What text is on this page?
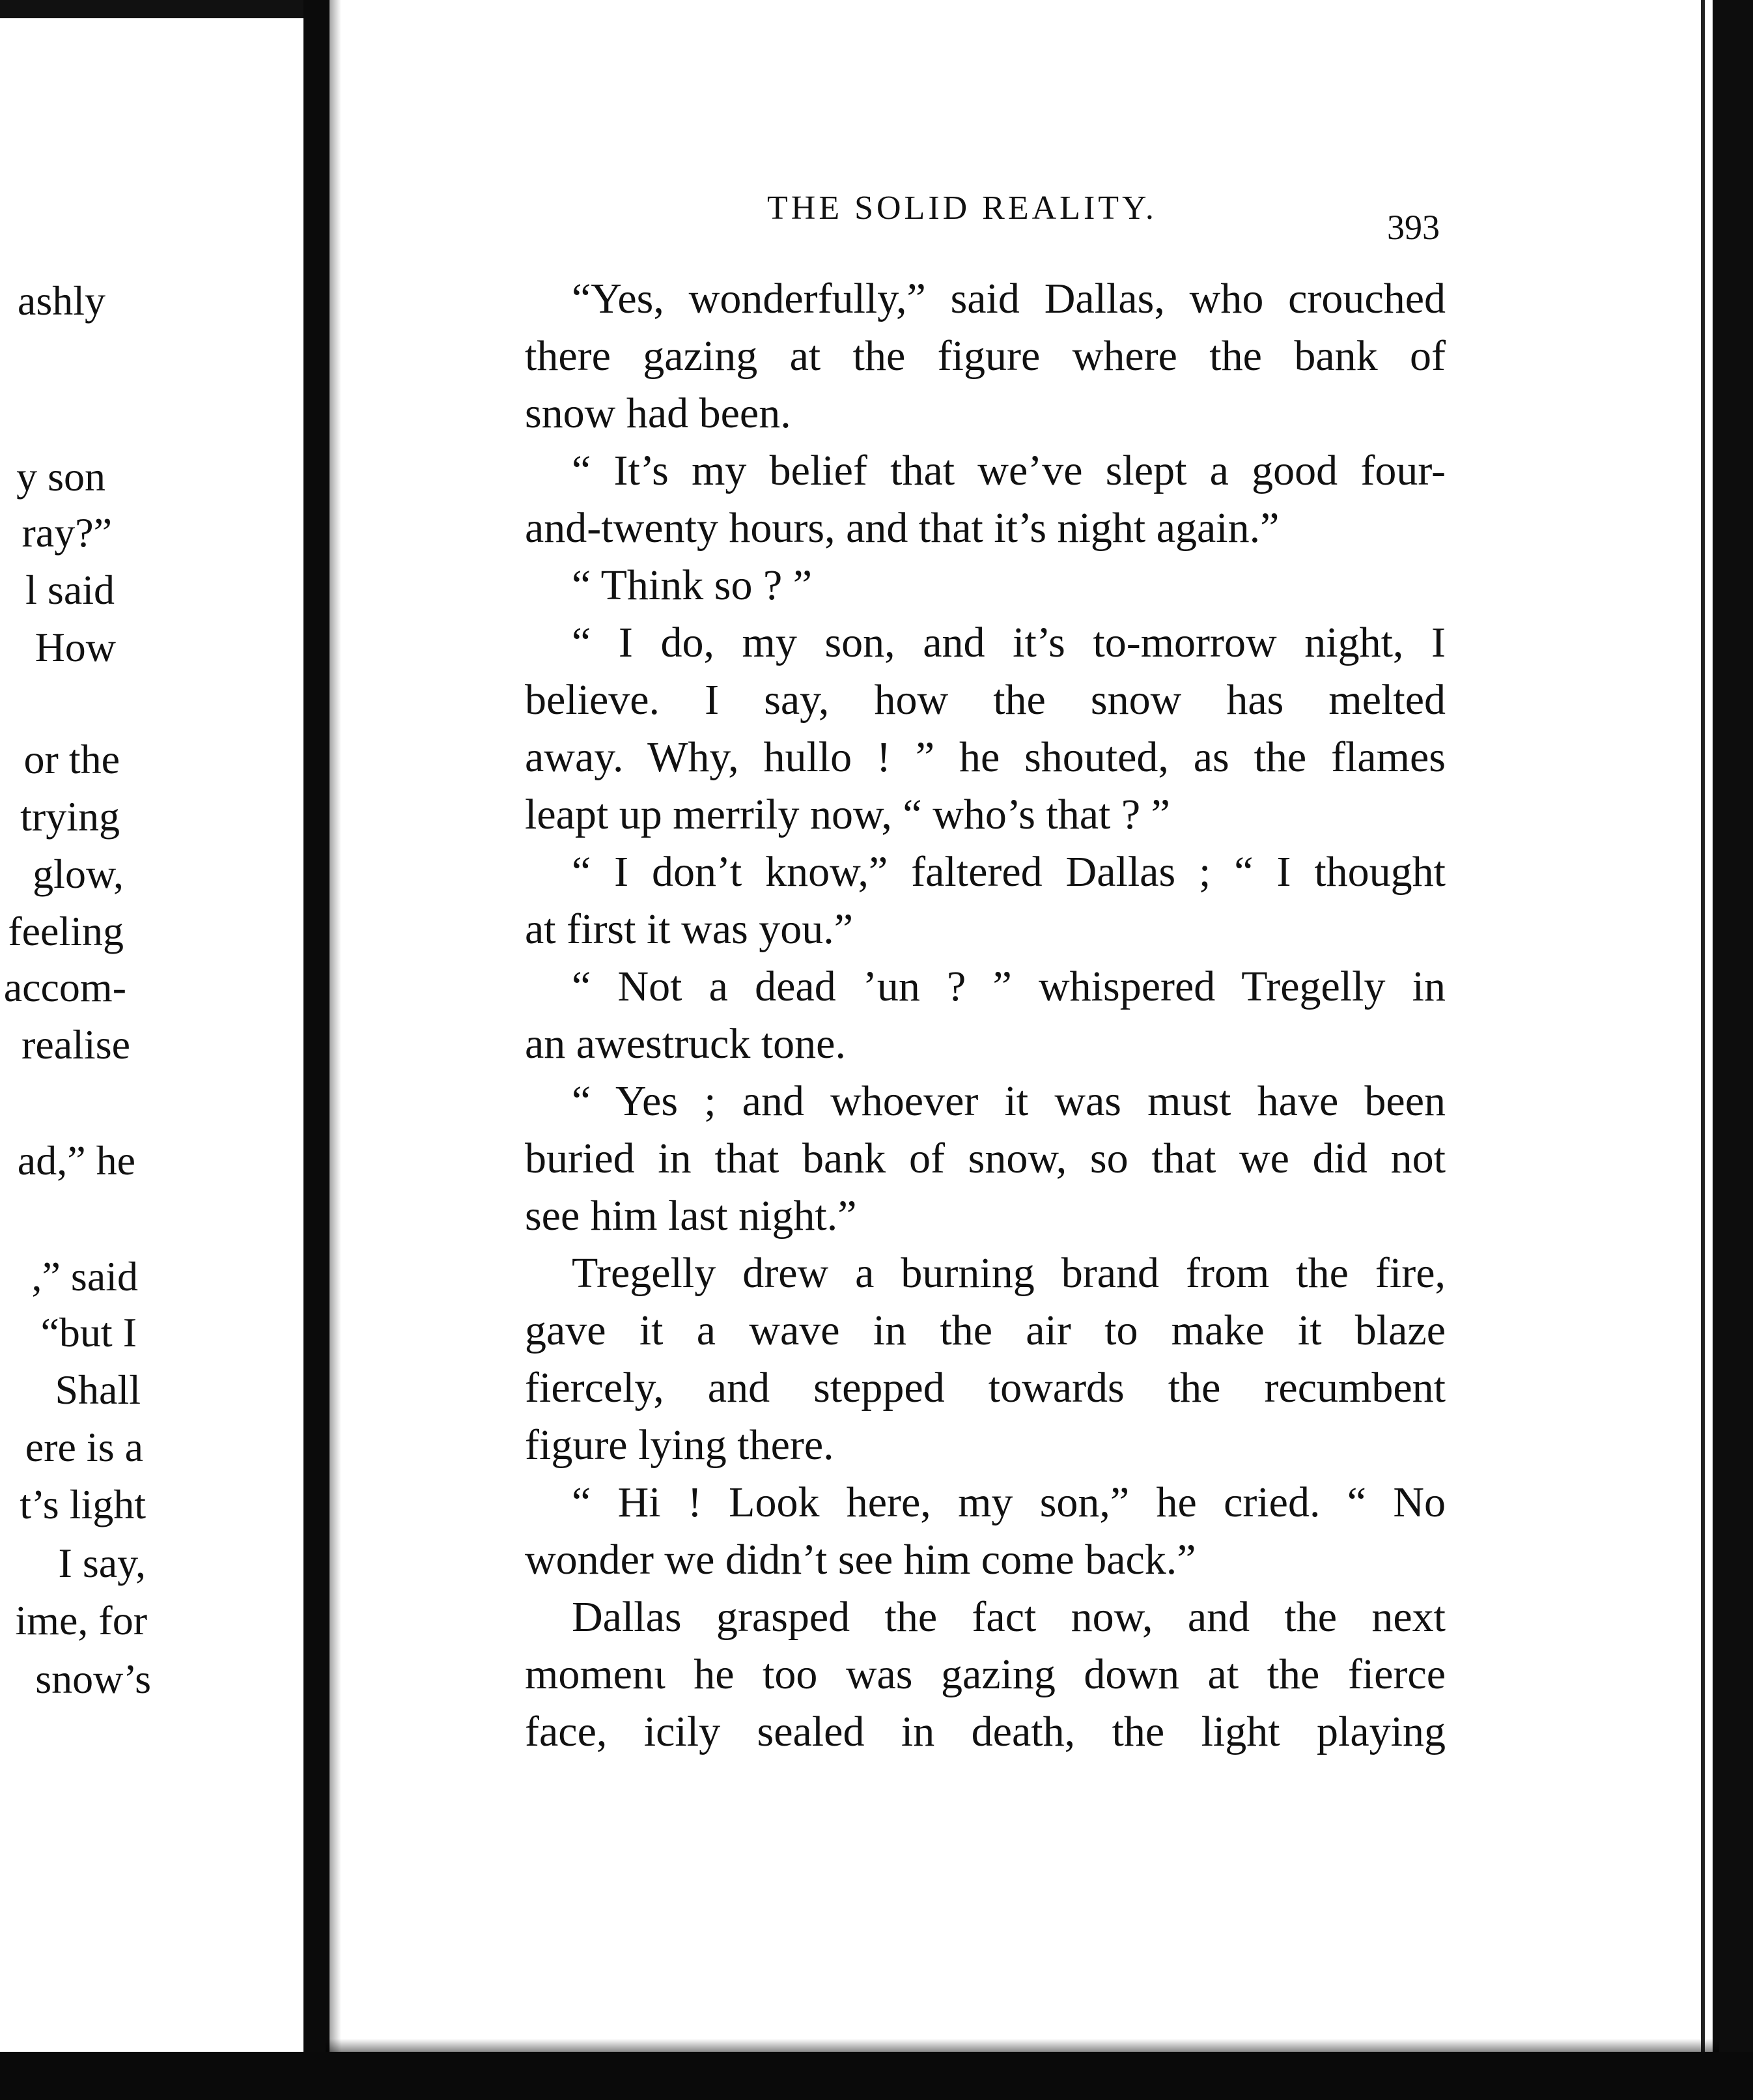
ashly
y son
ray?”
l said
How
or the
trying
glow,
feeling
accom-
realise
ad,” he
,” said
“but I
Shall
ere is a
t’s light
I say,
ime, for
snow’s
THE SOLID REALITY.	393
“Yes, wonderfully,” said Dallas, who crouched
there gazing at the figure where the bank of
snow had been.
“ It’s my belief that we’ve slept a good four-
and-twenty hours, and that it’s night again.”
“ Think so ? ”
“ I do, my son, and it’s to-morrow night, I
believe. I say, how the snow has melted
away. Why, hullo ! ” he shouted, as the flames
leapt up merrily now, “ who’s that ? ”
“ I don’t know,” faltered Dallas ; “ I thought
at first it was you.”
“ Not a dead ’un ? ” whispered Tregelly in
an awestruck tone.
“ Yes ; and whoever it was must have been
buried in that bank of snow, so that we did not
see him last night.”
Tregelly drew a burning brand from the fire,
gave it a wave in the air to make it blaze
fiercely, and stepped towards the recumbent
figure lying there.
“ Hi ! Look here, my son,” he cried. “ No
wonder we didn’t see him come back.”
Dallas grasped the fact now, and the next
momenι he too was gazing down at the fierce
face, icily sealed in death, the light playing
